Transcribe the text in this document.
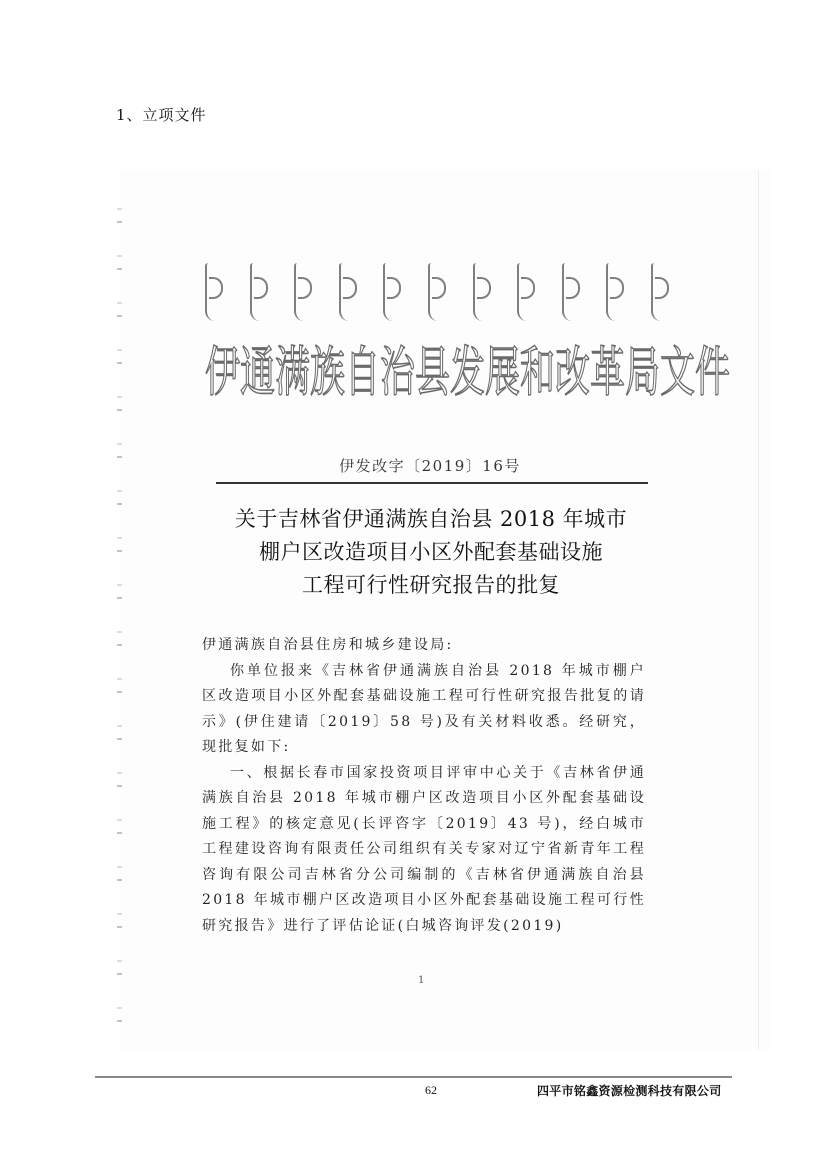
1、立项文件
伊通满族自治县发展和改革局文件
伊发改字〔2019〕16号
关于吉林省伊通满族自治县 2018 年城市
棚户区改造项目小区外配套基础设施
工程可行性研究报告的批复

伊通满族自治县住房和城乡建设局:

你单位报来《吉林省伊通满族自治县 2018 年城市棚户区改造项目小区外配套基础设施工程可行性研究报告批复的请示》(伊住建请〔2019〕58 号)及有关材料收悉。经研究，现批复如下:

一、根据长春市国家投资项目评审中心关于《吉林省伊通满族自治县 2018 年城市棚户区改造项目小区外配套基础设施工程》的核定意见(长评咨字〔2019〕43 号)，经白城市工程建设咨询有限责任公司组织有关专家对辽宁省新青年工程咨询有限公司吉林省分公司编制的《吉林省伊通满族自治县 2018 年城市棚户区改造项目小区外配套基础设施工程可行性研究报告》进行了评估论证(白城咨询评发(2019)

1
62	四平市铭鑫资源检测科技有限公司
